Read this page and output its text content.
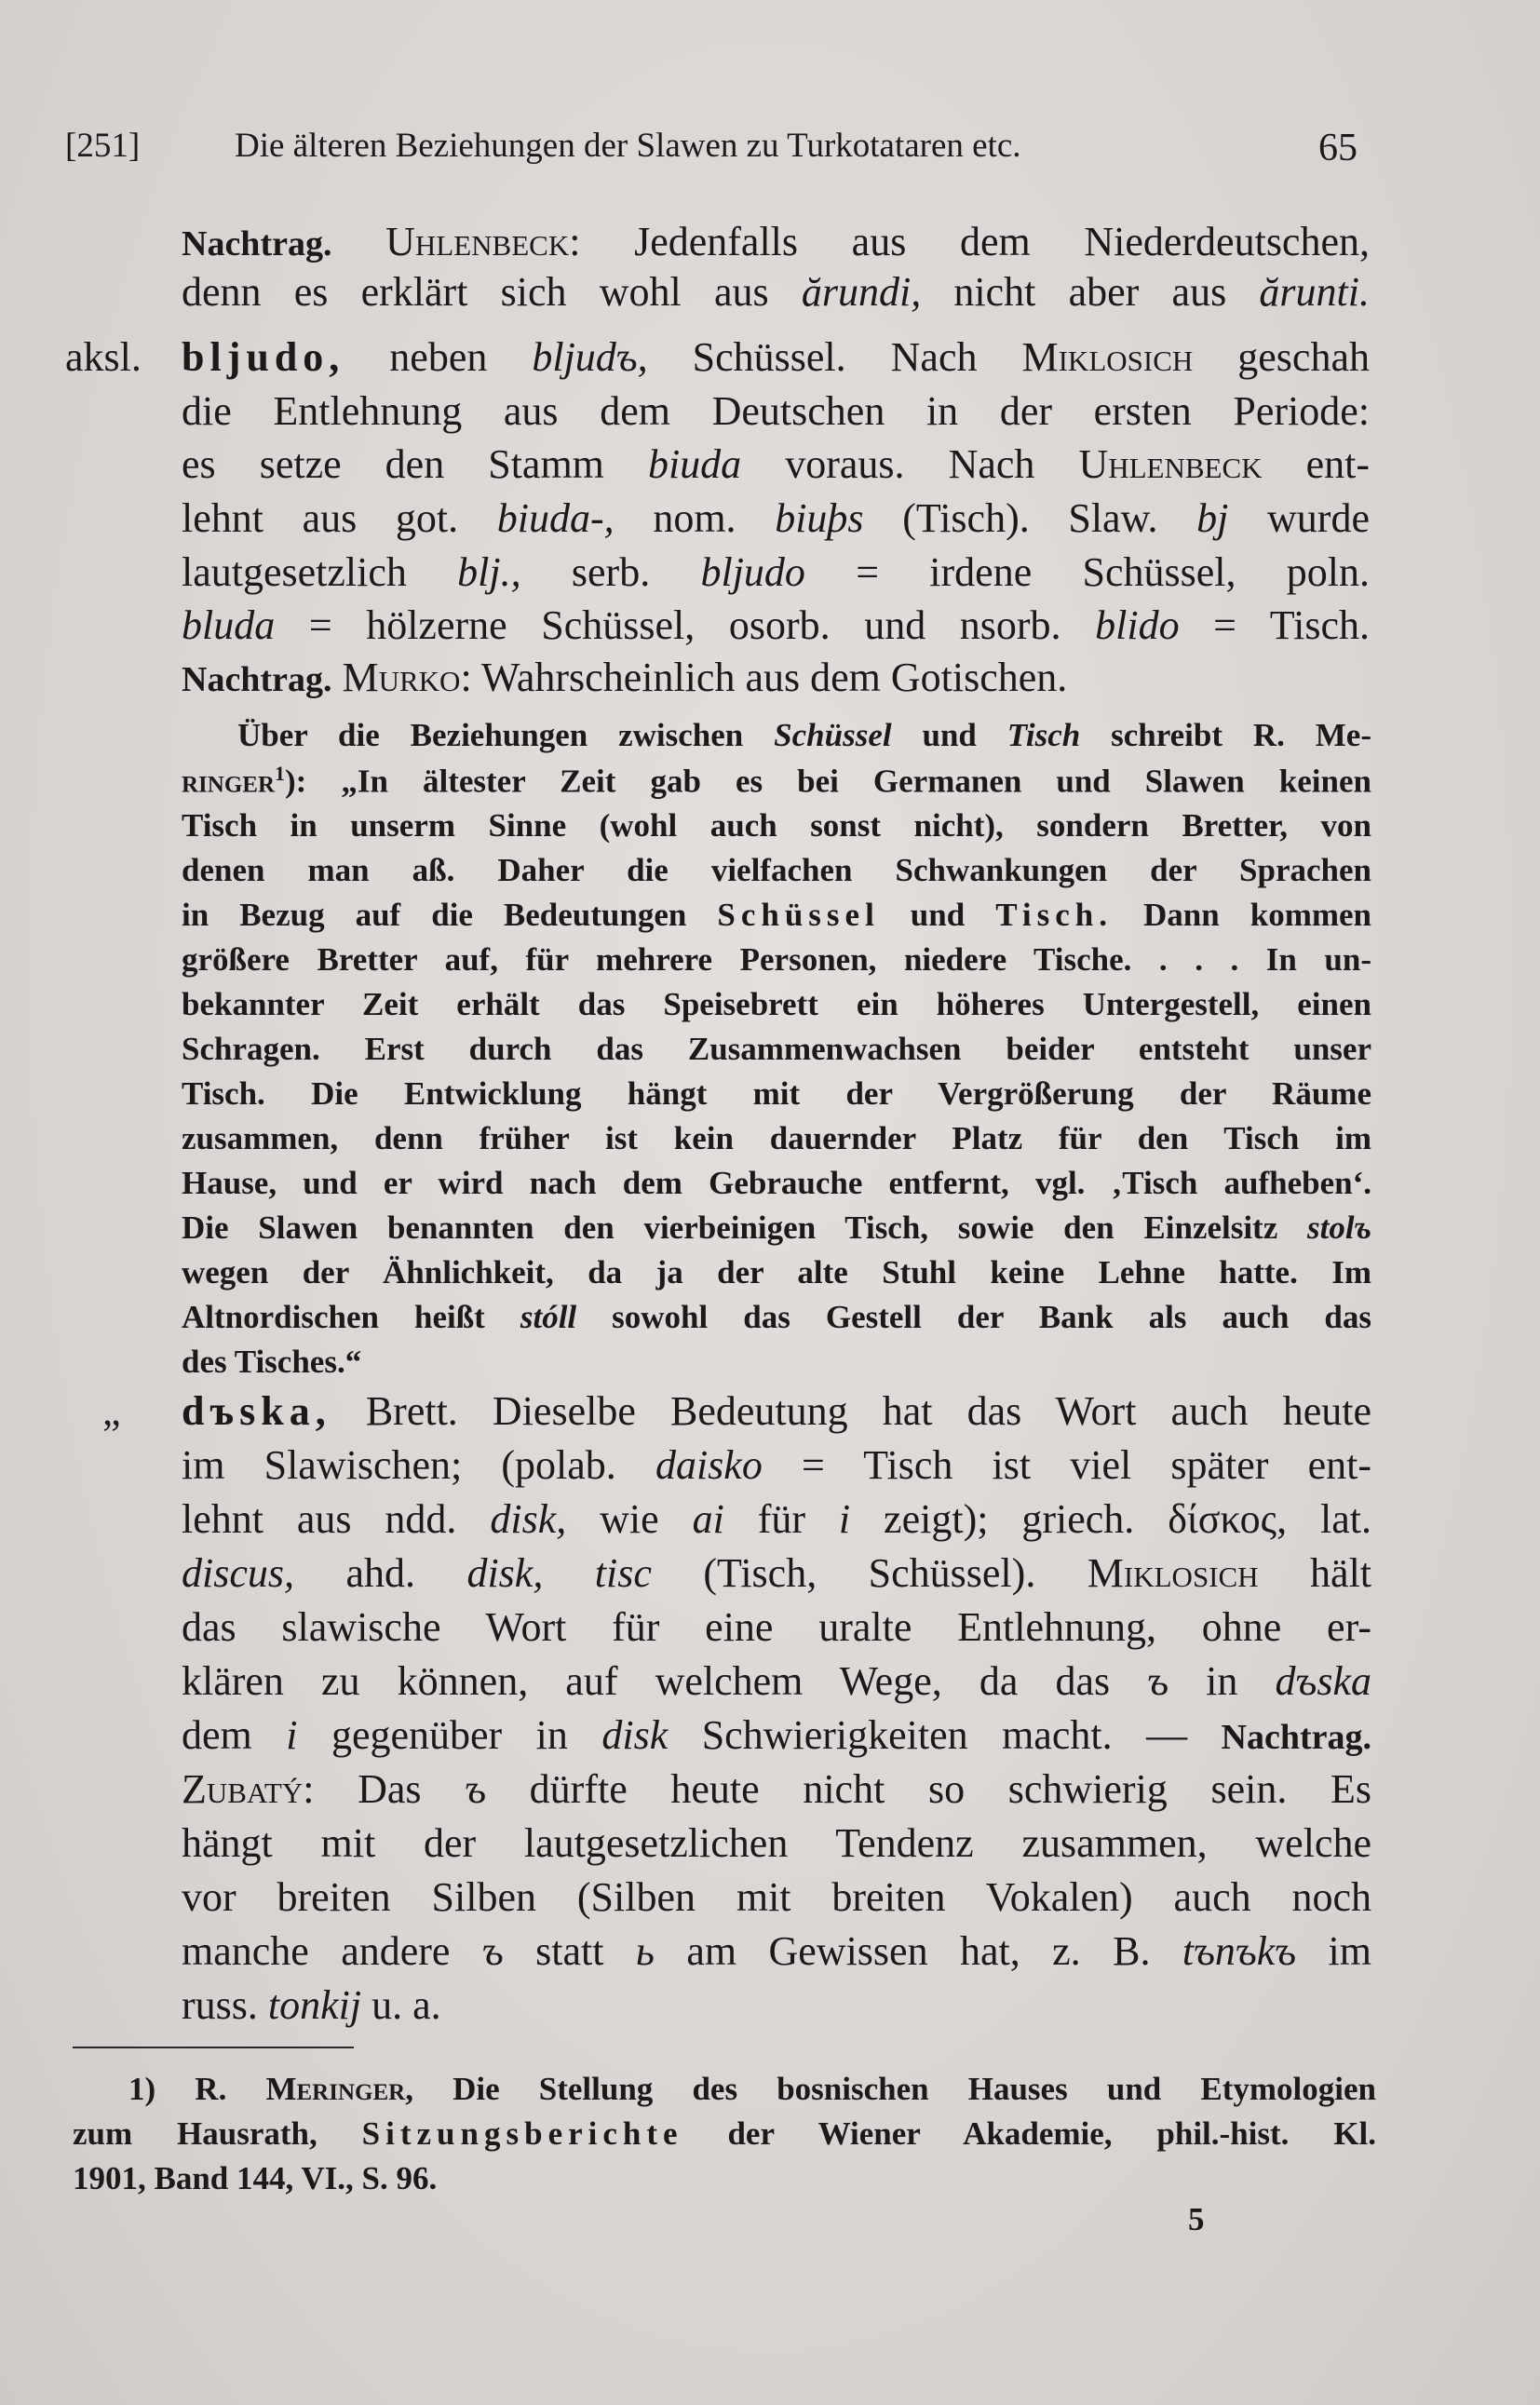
[251]	Die älteren Beziehungen der Slawen zu Turkotataren etc.	65
Nachtrag. Uhlenbeck: Jedenfalls aus dem Niederdeutschen,
denn es erklärt sich wohl aus ărundi, nicht aber aus ărunti.
aksl. bljudo, neben bljudъ, Schüssel. Nach Miklosich geschah
die Entlehnung aus dem Deutschen in der ersten Periode:
es setze den Stamm biuda voraus. Nach Uhlenbeck ent-
lehnt aus got. biuda-, nom. biuþs (Tisch). Slaw. bj wurde
lautgesetzlich blj., serb. bljudo = irdene Schüssel, poln.
bluda = hölzerne Schüssel, osorb. und nsorb. blido = Tisch.
Nachtrag. Murko: Wahrscheinlich aus dem Gotischen.
Über die Beziehungen zwischen Schüssel und Tisch schreibt R. Me-
ringer$^1$): „In ältester Zeit gab es bei Germanen und Slawen keinen
Tisch in unserm Sinne (wohl auch sonst nicht), sondern Bretter, von
denen man aß. Daher die vielfachen Schwankungen der Sprachen
in Bezug auf die Bedeutungen Schüssel und Tisch. Dann kommen
größere Bretter auf, für mehrere Personen, niedere Tische. . . . In un-
bekannter Zeit erhält das Speisebrett ein höheres Untergestell, einen
Schragen. Erst durch das Zusammenwachsen beider entsteht unser
Tisch. Die Entwicklung hängt mit der Vergrößerung der Räume
zusammen, denn früher ist kein dauernder Platz für den Tisch im
Hause, und er wird nach dem Gebrauche entfernt, vgl. ‚Tisch aufheben‘.
Die Slawen benannten den vierbeinigen Tisch, sowie den Einzelsitz stolъ
wegen der Ähnlichkeit, da ja der alte Stuhl keine Lehne hatte. Im
Altnordischen heißt stóll sowohl das Gestell der Bank als auch das
des Tisches.“
„ dъska, Brett. Dieselbe Bedeutung hat das Wort auch heute
im Slawischen; (polab. daisko = Tisch ist viel später ent-
lehnt aus ndd. disk, wie ai für i zeigt); griech. δίσκος, lat.
discus, ahd. disk, tisc (Tisch, Schüssel). Miklosich hält
das slawische Wort für eine uralte Entlehnung, ohne er-
klären zu können, auf welchem Wege, da das ъ in dъska
dem i gegenüber in disk Schwierigkeiten macht. — Nachtrag.
Zubatý: Das ъ dürfte heute nicht so schwierig sein. Es
hängt mit der lautgesetzlichen Tendenz zusammen, welche
vor breiten Silben (Silben mit breiten Vokalen) auch noch
manche andere ъ statt ь am Gewissen hat, z. B. tъnъkъ im
russ. tonkij u. a.
1) R. Meringer, Die Stellung des bosnischen Hauses und Etymologien
zum Hausrath, Sitzungsberichte der Wiener Akademie, phil.-hist. Kl.
1901, Band 144, VI., S. 96.
5
